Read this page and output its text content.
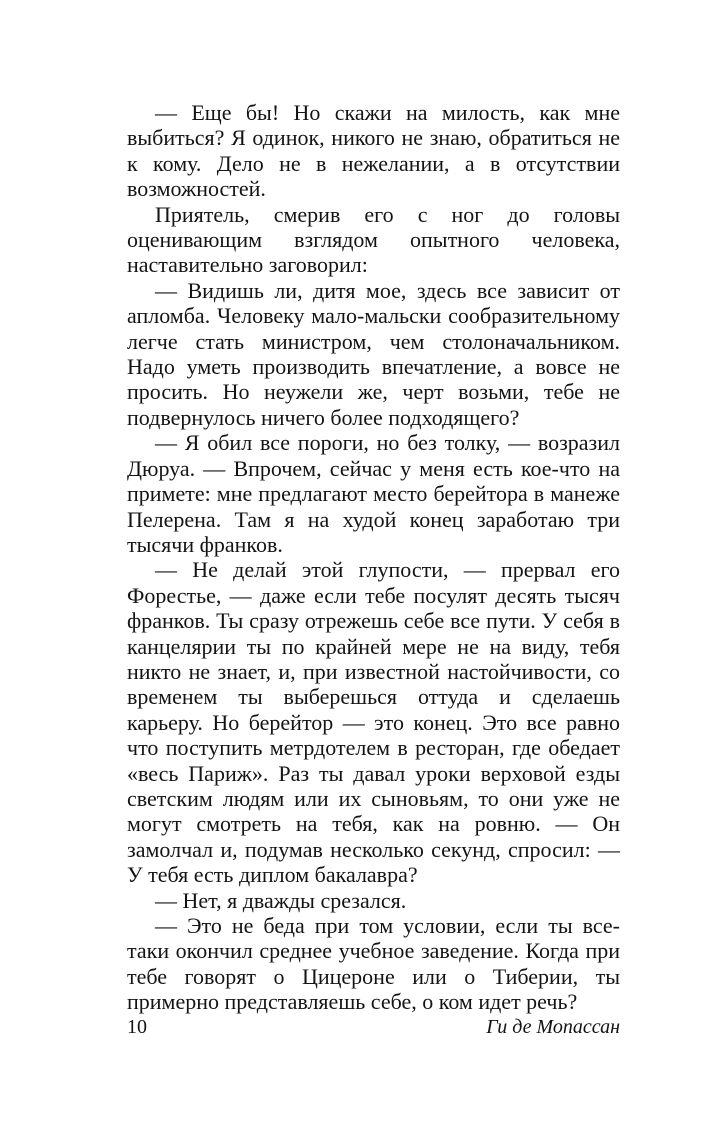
— Еще бы! Но скажи на милость, как мне выбиться? Я одинок, никого не знаю, обратиться не к кому. Дело не в нежелании, а в отсутствии возможностей.

Приятель, смерив его с ног до головы оценивающим взглядом опытного человека, наставительно заговорил:

— Видишь ли, дитя мое, здесь все зависит от апломба. Человеку мало-мальски сообразительному легче стать министром, чем столоначальником. Надо уметь производить впечатление, а вовсе не просить. Но неужели же, черт возьми, тебе не подвернулось ничего более подходящего?

— Я обил все пороги, но без толку, — возразил Дюруа. — Впрочем, сейчас у меня есть кое-что на примете: мне предлагают место берейтора в манеже Пелерена. Там я на худой конец заработаю три тысячи франков.

— Не делай этой глупости, — прервал его Форестье, — даже если тебе посулят десять тысяч франков. Ты сразу отрежешь себе все пути. У себя в канцелярии ты по крайней мере не на виду, тебя никто не знает, и, при известной настойчивости, со временем ты выберешься оттуда и сделаешь карьеру. Но берейтор — это конец. Это все равно что поступить метрдотелем в ресторан, где обедает «весь Париж». Раз ты давал уроки верховой езды светским людям или их сыновьям, то они уже не могут смотреть на тебя, как на ровню. — Он замолчал и, подумав несколько секунд, спросил: — У тебя есть диплом бакалавра?

— Нет, я дважды срезался.

— Это не беда при том условии, если ты все-таки окончил среднее учебное заведение. Когда при тебе говорят о Цицероне или о Тиберии, ты примерно представляешь себе, о ком идет речь?

10	Ги де Мопассан
